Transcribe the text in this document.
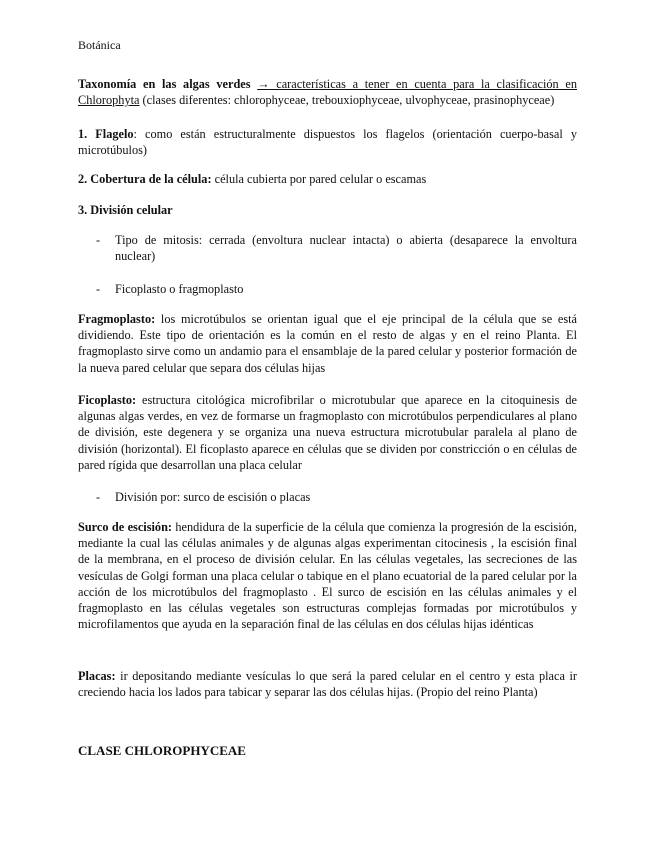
Botánica
Taxonomía en las algas verdes → características a tener en cuenta para la clasificación en Chlorophyta (clases diferentes: chlorophyceae, trebouxiophyceae, ulvophyceae, prasinophyceae)
1. Flagelo: como están estructuralmente dispuestos los flagelos (orientación cuerpo-basal y microtúbulos)
2. Cobertura de la célula: célula cubierta por pared celular o escamas
3. División celular
- Tipo de mitosis: cerrada (envoltura nuclear intacta) o abierta (desaparece la envoltura nuclear)
- Ficoplasto o fragmoplasto
Fragmoplasto: los microtúbulos se orientan igual que el eje principal de la célula que se está dividiendo. Este tipo de orientación es la común en el resto de algas y en el reino Planta. El fragmoplasto sirve como un andamio para el ensamblaje de la pared celular y posterior formación de la nueva pared celular que separa dos células hijas
Ficoplasto: estructura citológica microfibrilar o microtubular que aparece en la citoquinesis de algunas algas verdes, en vez de formarse un fragmoplasto con microtúbulos perpendiculares al plano de división, este degenera y se organiza una nueva estructura microtubular paralela al plano de división (horizontal). El ficoplasto aparece en células que se dividen por constricción o en células de pared rígida que desarrollan una placa celular
- División por: surco de escisión o placas
Surco de escisión: hendidura de la superficie de la célula que comienza la progresión de la escisión, mediante la cual las células animales y de algunas algas experimentan citocinesis , la escisión final de la membrana, en el proceso de división celular. En las células vegetales, las secreciones de las vesículas de Golgi forman una placa celular o tabique en el plano ecuatorial de la pared celular por la acción de los microtúbulos del fragmoplasto . El surco de escisión en las células animales y el fragmoplasto en las células vegetales son estructuras complejas formadas por microtúbulos y microfilamentos que ayuda en la separación final de las células en dos células hijas idénticas
Placas: ir depositando mediante vesículas lo que será la pared celular en el centro y esta placa ir creciendo hacia los lados para tabicar y separar las dos células hijas. (Propio del reino Planta)
CLASE CHLOROPHYCEAE
